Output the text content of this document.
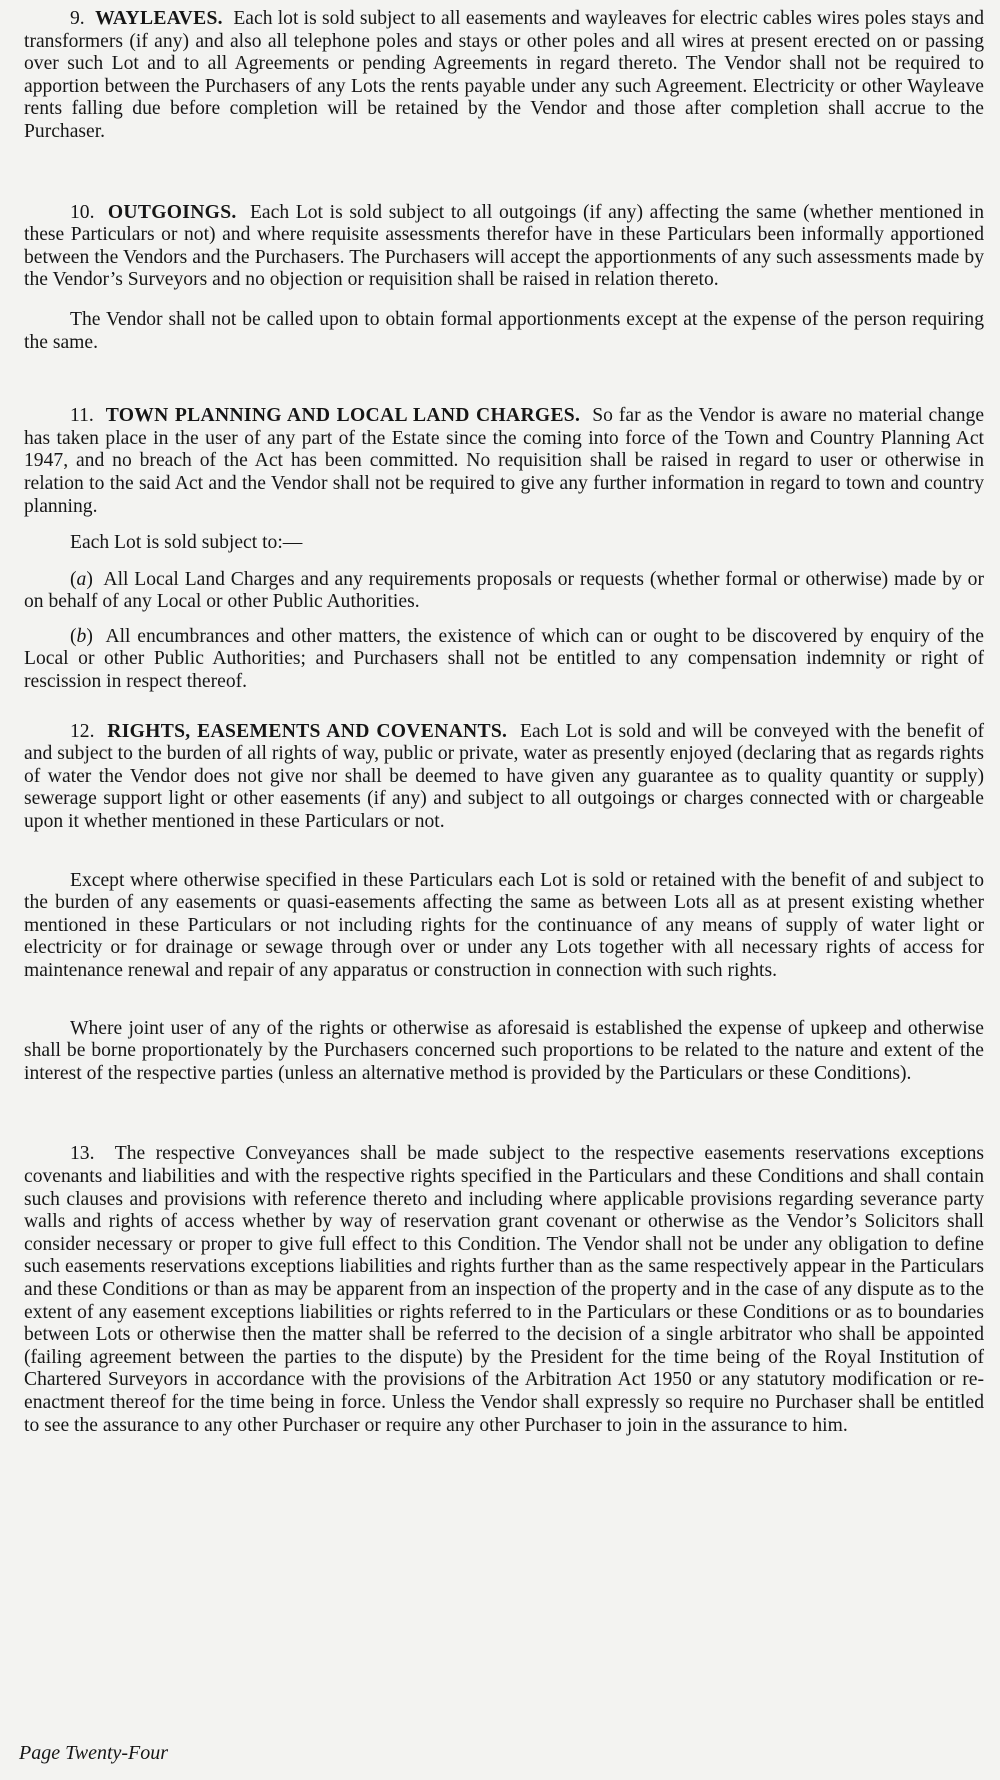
9. WAYLEAVES. Each lot is sold subject to all easements and wayleaves for electric cables wires poles stays and transformers (if any) and also all telephone poles and stays or other poles and all wires at present erected on or passing over such Lot and to all Agreements or pending Agreements in regard thereto. The Vendor shall not be required to apportion between the Purchasers of any Lots the rents payable under any such Agreement. Electricity or other Wayleave rents falling due before completion will be retained by the Vendor and those after completion shall accrue to the Purchaser.

10. OUTGOINGS. Each Lot is sold subject to all outgoings (if any) affecting the same (whether mentioned in these Particulars or not) and where requisite assessments therefor have in these Particulars been informally apportioned between the Vendors and the Purchasers. The Purchasers will accept the apportionments of any such assessments made by the Vendor’s Surveyors and no objection or requisition shall be raised in relation thereto.

The Vendor shall not be called upon to obtain formal apportionments except at the expense of the person requiring the same.

11. TOWN PLANNING AND LOCAL LAND CHARGES. So far as the Vendor is aware no material change has taken place in the user of any part of the Estate since the coming into force of the Town and Country Planning Act 1947, and no breach of the Act has been committed. No requisition shall be raised in regard to user or otherwise in relation to the said Act and the Vendor shall not be required to give any further information in regard to town and country planning.

Each Lot is sold subject to:—

(a) All Local Land Charges and any requirements proposals or requests (whether formal or otherwise) made by or on behalf of any Local or other Public Authorities.

(b) All encumbrances and other matters, the existence of which can or ought to be discovered by enquiry of the Local or other Public Authorities; and Purchasers shall not be entitled to any compensation indemnity or right of rescission in respect thereof.

12. RIGHTS, EASEMENTS AND COVENANTS. Each Lot is sold and will be conveyed with the benefit of and subject to the burden of all rights of way, public or private, water as presently enjoyed (declaring that as regards rights of water the Vendor does not give nor shall be deemed to have given any guarantee as to quality quantity or supply) sewerage support light or other easements (if any) and subject to all outgoings or charges connected with or chargeable upon it whether mentioned in these Particulars or not.

Except where otherwise specified in these Particulars each Lot is sold or retained with the benefit of and subject to the burden of any easements or quasi-easements affecting the same as between Lots all as at present existing whether mentioned in these Particulars or not including rights for the continuance of any means of supply of water light or electricity or for drainage or sewage through over or under any Lots together with all necessary rights of access for maintenance renewal and repair of any apparatus or construction in connection with such rights.

Where joint user of any of the rights or otherwise as aforesaid is established the expense of upkeep and otherwise shall be borne proportionately by the Purchasers concerned such proportions to be related to the nature and extent of the interest of the respective parties (unless an alternative method is provided by the Particulars or these Conditions).

13. The respective Conveyances shall be made subject to the respective easements reservations exceptions covenants and liabilities and with the respective rights specified in the Particulars and these Conditions and shall contain such clauses and provisions with reference thereto and including where applicable provisions regarding severance party walls and rights of access whether by way of reservation grant covenant or otherwise as the Vendor’s Solicitors shall consider necessary or proper to give full effect to this Condition. The Vendor shall not be under any obligation to define such easements reservations exceptions liabilities and rights further than as the same respectively appear in the Particulars and these Conditions or than as may be apparent from an inspection of the property and in the case of any dispute as to the extent of any easement exceptions liabilities or rights referred to in the Particulars or these Conditions or as to boundaries between Lots or otherwise then the matter shall be referred to the decision of a single arbitrator who shall be appointed (failing agreement between the parties to the dispute) by the President for the time being of the Royal Institution of Chartered Surveyors in accordance with the provisions of the Arbitration Act 1950 or any statutory modification or re-enactment thereof for the time being in force. Unless the Vendor shall expressly so require no Purchaser shall be entitled to see the assurance to any other Purchaser or require any other Purchaser to join in the assurance to him.

Page Twenty-Four
